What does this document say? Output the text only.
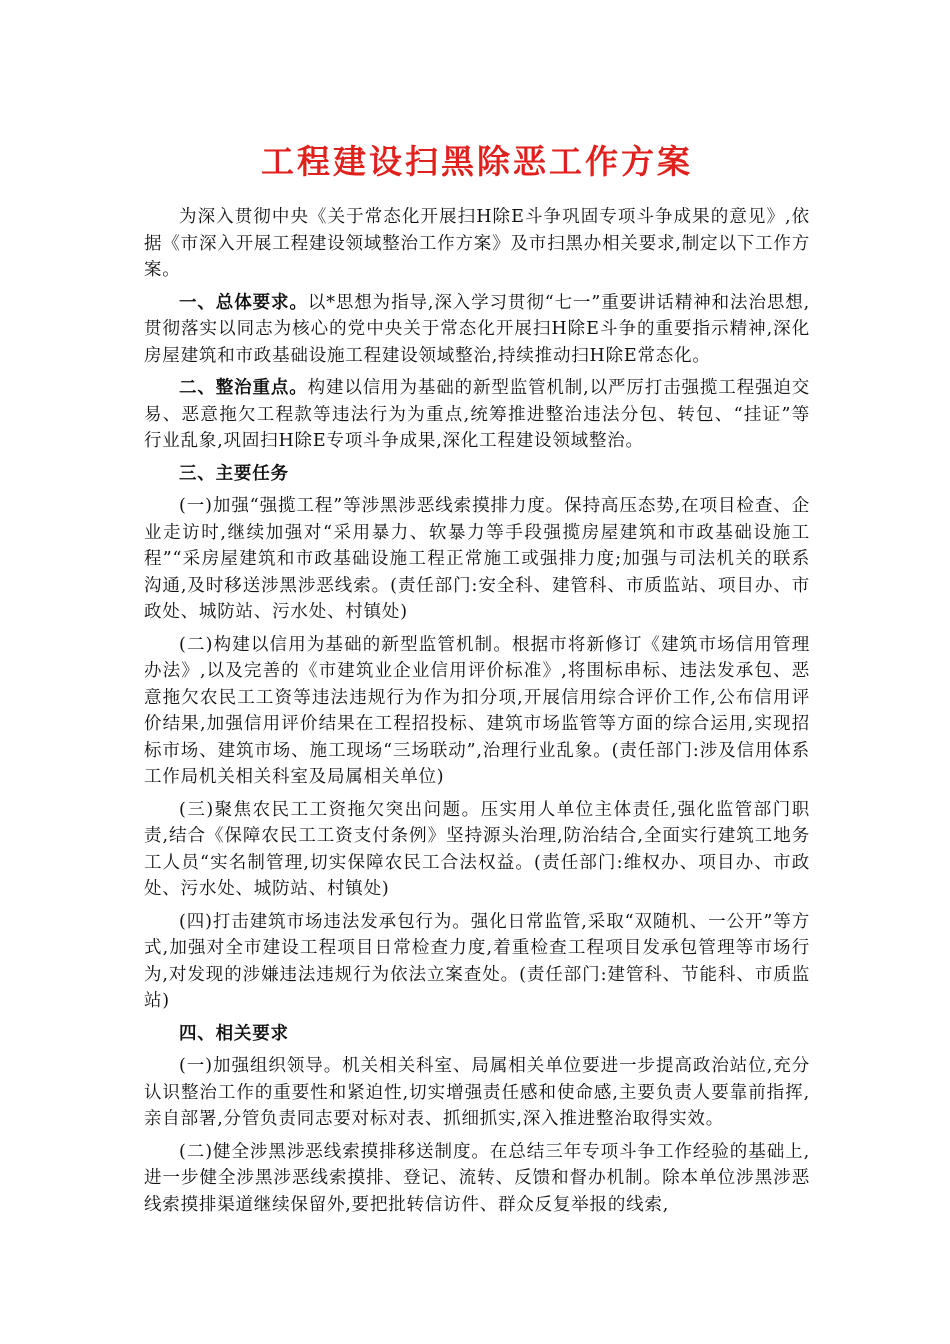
工程建设扫黑除恶工作方案

为深入贯彻中央《关于常态化开展扫H除E斗争巩固专项斗争成果的意见》,依据《市深入开展工程建设领域整治工作方案》及市扫黑办相关要求,制定以下工作方案。

一、总体要求。以*思想为指导,深入学习贯彻“七一”重要讲话精神和法治思想,贯彻落实以同志为核心的党中央关于常态化开展扫H除E斗争的重要指示精神,深化房屋建筑和市政基础设施工程建设领域整治,持续推动扫H除E常态化。

二、整治重点。构建以信用为基础的新型监管机制,以严厉打击强揽工程强迫交易、恶意拖欠工程款等违法行为为重点,统筹推进整治违法分包、转包、“挂证”等行业乱象,巩固扫H除E专项斗争成果,深化工程建设领域整治。

三、主要任务

(一)加强“强揽工程”等涉黑涉恶线索摸排力度。保持高压态势,在项目检查、企业走访时,继续加强对“采用暴力、软暴力等手段强揽房屋建筑和市政基础设施工程”“采房屋建筑和市政基础设施工程正常施工或强排力度;加强与司法机关的联系沟通,及时移送涉黑涉恶线索。(责任部门:安全科、建管科、市质监站、项目办、市政处、城防站、污水处、村镇处)

(二)构建以信用为基础的新型监管机制。根据市将新修订《建筑市场信用管理办法》,以及完善的《市建筑业企业信用评价标准》,将围标串标、违法发承包、恶意拖欠农民工工资等违法违规行为作为扣分项,开展信用综合评价工作,公布信用评价结果,加强信用评价结果在工程招投标、建筑市场监管等方面的综合运用,实现招标市场、建筑市场、施工现场“三场联动”,治理行业乱象。(责任部门:涉及信用体系工作局机关相关科室及局属相关单位)

(三)聚焦农民工工资拖欠突出问题。压实用人单位主体责任,强化监管部门职责,结合《保障农民工工资支付条例》坚持源头治理,防治结合,全面实行建筑工地务工人员“实名制管理,切实保障农民工合法权益。(责任部门:维权办、项目办、市政处、污水处、城防站、村镇处)

(四)打击建筑市场违法发承包行为。强化日常监管,采取“双随机、一公开”等方式,加强对全市建设工程项目日常检查力度,着重检查工程项目发承包管理等市场行为,对发现的涉嫌违法违规行为依法立案查处。(责任部门:建管科、节能科、市质监站)

四、相关要求

(一)加强组织领导。机关相关科室、局属相关单位要进一步提高政治站位,充分认识整治工作的重要性和紧迫性,切实增强责任感和使命感,主要负责人要靠前指挥,亲自部署,分管负责同志要对标对表、抓细抓实,深入推进整治取得实效。

(二)健全涉黑涉恶线索摸排移送制度。在总结三年专项斗争工作经验的基础上,进一步健全涉黑涉恶线索摸排、登记、流转、反馈和督办机制。除本单位涉黑涉恶线索摸排渠道继续保留外,要把批转信访件、群众反复举报的线索,
